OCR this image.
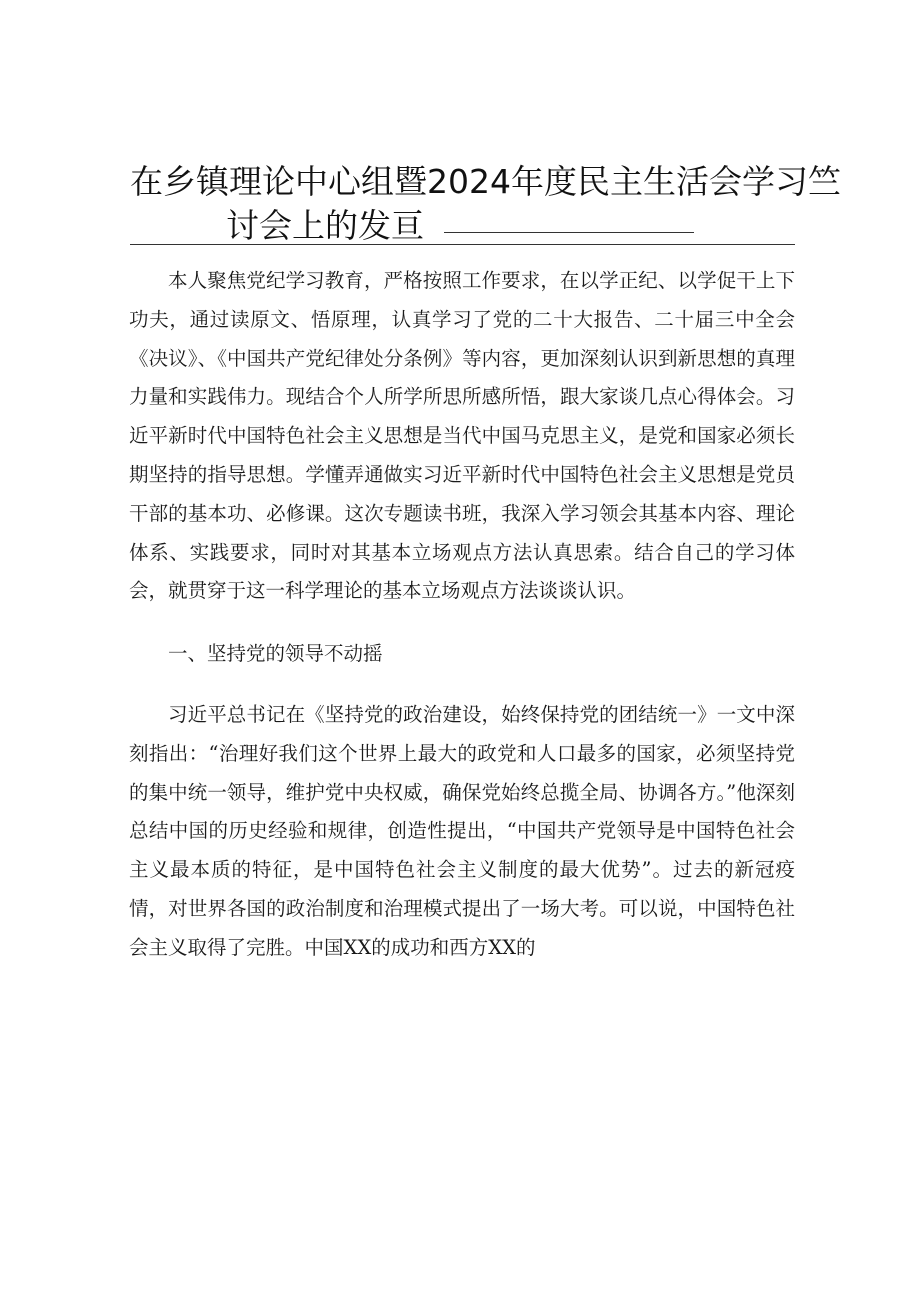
在乡镇理论中心组暨2024年度民主生活会学习竺
讨会上的发亘

本人聚焦党纪学习教育，严格按照工作要求，在以学正纪、以学促干上下功夫，通过读原文、悟原理，认真学习了党的二十大报告、二十届三中全会《决议》、《中国共产党纪律处分条例》等内容，更加深刻认识到新思想的真理力量和实践伟力。现结合个人所学所思所感所悟，跟大家谈几点心得体会。习近平新时代中国特色社会主义思想是当代中国马克思主义，是党和国家必须长期坚持的指导思想。学懂弄通做实习近平新时代中国特色社会主义思想是党员干部的基本功、必修课。这次专题读书班，我深入学习领会其基本内容、理论体系、实践要求，同时对其基本立场观点方法认真思索。结合自己的学习体会，就贯穿于这一科学理论的基本立场观点方法谈谈认识。

一、坚持党的领导不动摇

习近平总书记在《坚持党的政治建设，始终保持党的团结统一》一文中深刻指出：“治理好我们这个世界上最大的政党和人口最多的国家，必须坚持党的集中统一领导，维护党中央权威，确保党始终总揽全局、协调各方。”他深刻总结中国的历史经验和规律，创造性提出，“中国共产党领导是中国特色社会主义最本质的特征，是中国特色社会主义制度的最大优势”。过去的新冠疫情，对世界各国的政治制度和治理模式提出了一场大考。可以说，中国特色社会主义取得了完胜。中国XX的成功和西方XX的
